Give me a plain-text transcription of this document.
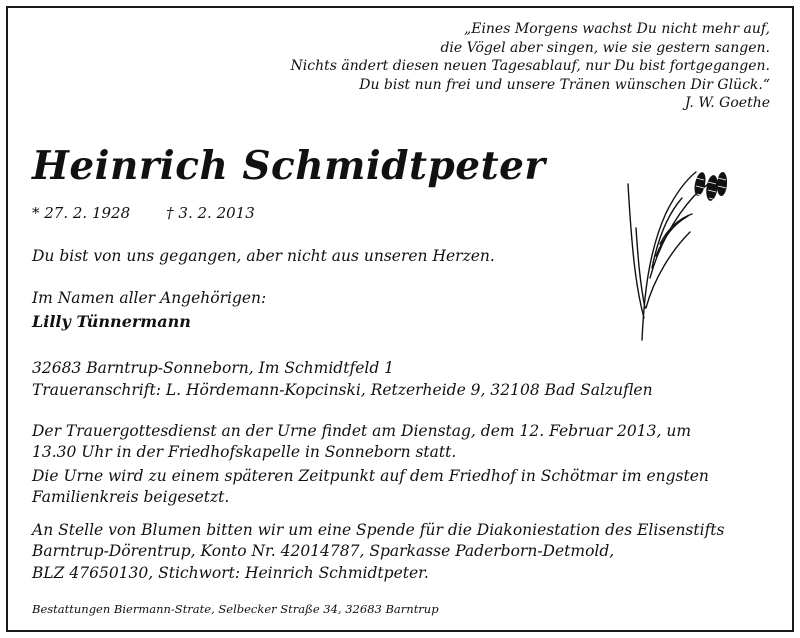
„Eines Morgens wachst Du nicht mehr auf,
die Vögel aber singen, wie sie gestern sangen.
Nichts ändert diesen neuen Tagesablauf, nur Du bist fortgegangen.
Du bist nun frei und unsere Tränen wünschen Dir Glück.“
J. W. Goethe
Heinrich Schmidtpeter
* 27. 2. 1928 † 3. 2. 2013
Du bist von uns gegangen, aber nicht aus unseren Herzen.
Im Namen aller Angehörigen:
Lilly Tünnermann
32683 Barntrup-Sonneborn, Im Schmidtfeld 1
Traueranschrift: L. Hördemann-Kopcinski, Retzerheide 9, 32108 Bad Salzuflen
Der Trauergottesdienst an der Urne findet am Dienstag, dem 12. Februar 2013, um
13.30 Uhr in der Friedhofskapelle in Sonneborn statt.
Die Urne wird zu einem späteren Zeitpunkt auf dem Friedhof in Schötmar im engsten
Familienkreis beigesetzt.
An Stelle von Blumen bitten wir um eine Spende für die Diakoniestation des Elisenstifts
Barntrup-Dörentrup, Konto Nr. 42014787, Sparkasse Paderborn-Detmold,
BLZ 47650130, Stichwort: Heinrich Schmidtpeter.
Bestattungen Biermann-Strate, Selbecker Straße 34, 32683 Barntrup
